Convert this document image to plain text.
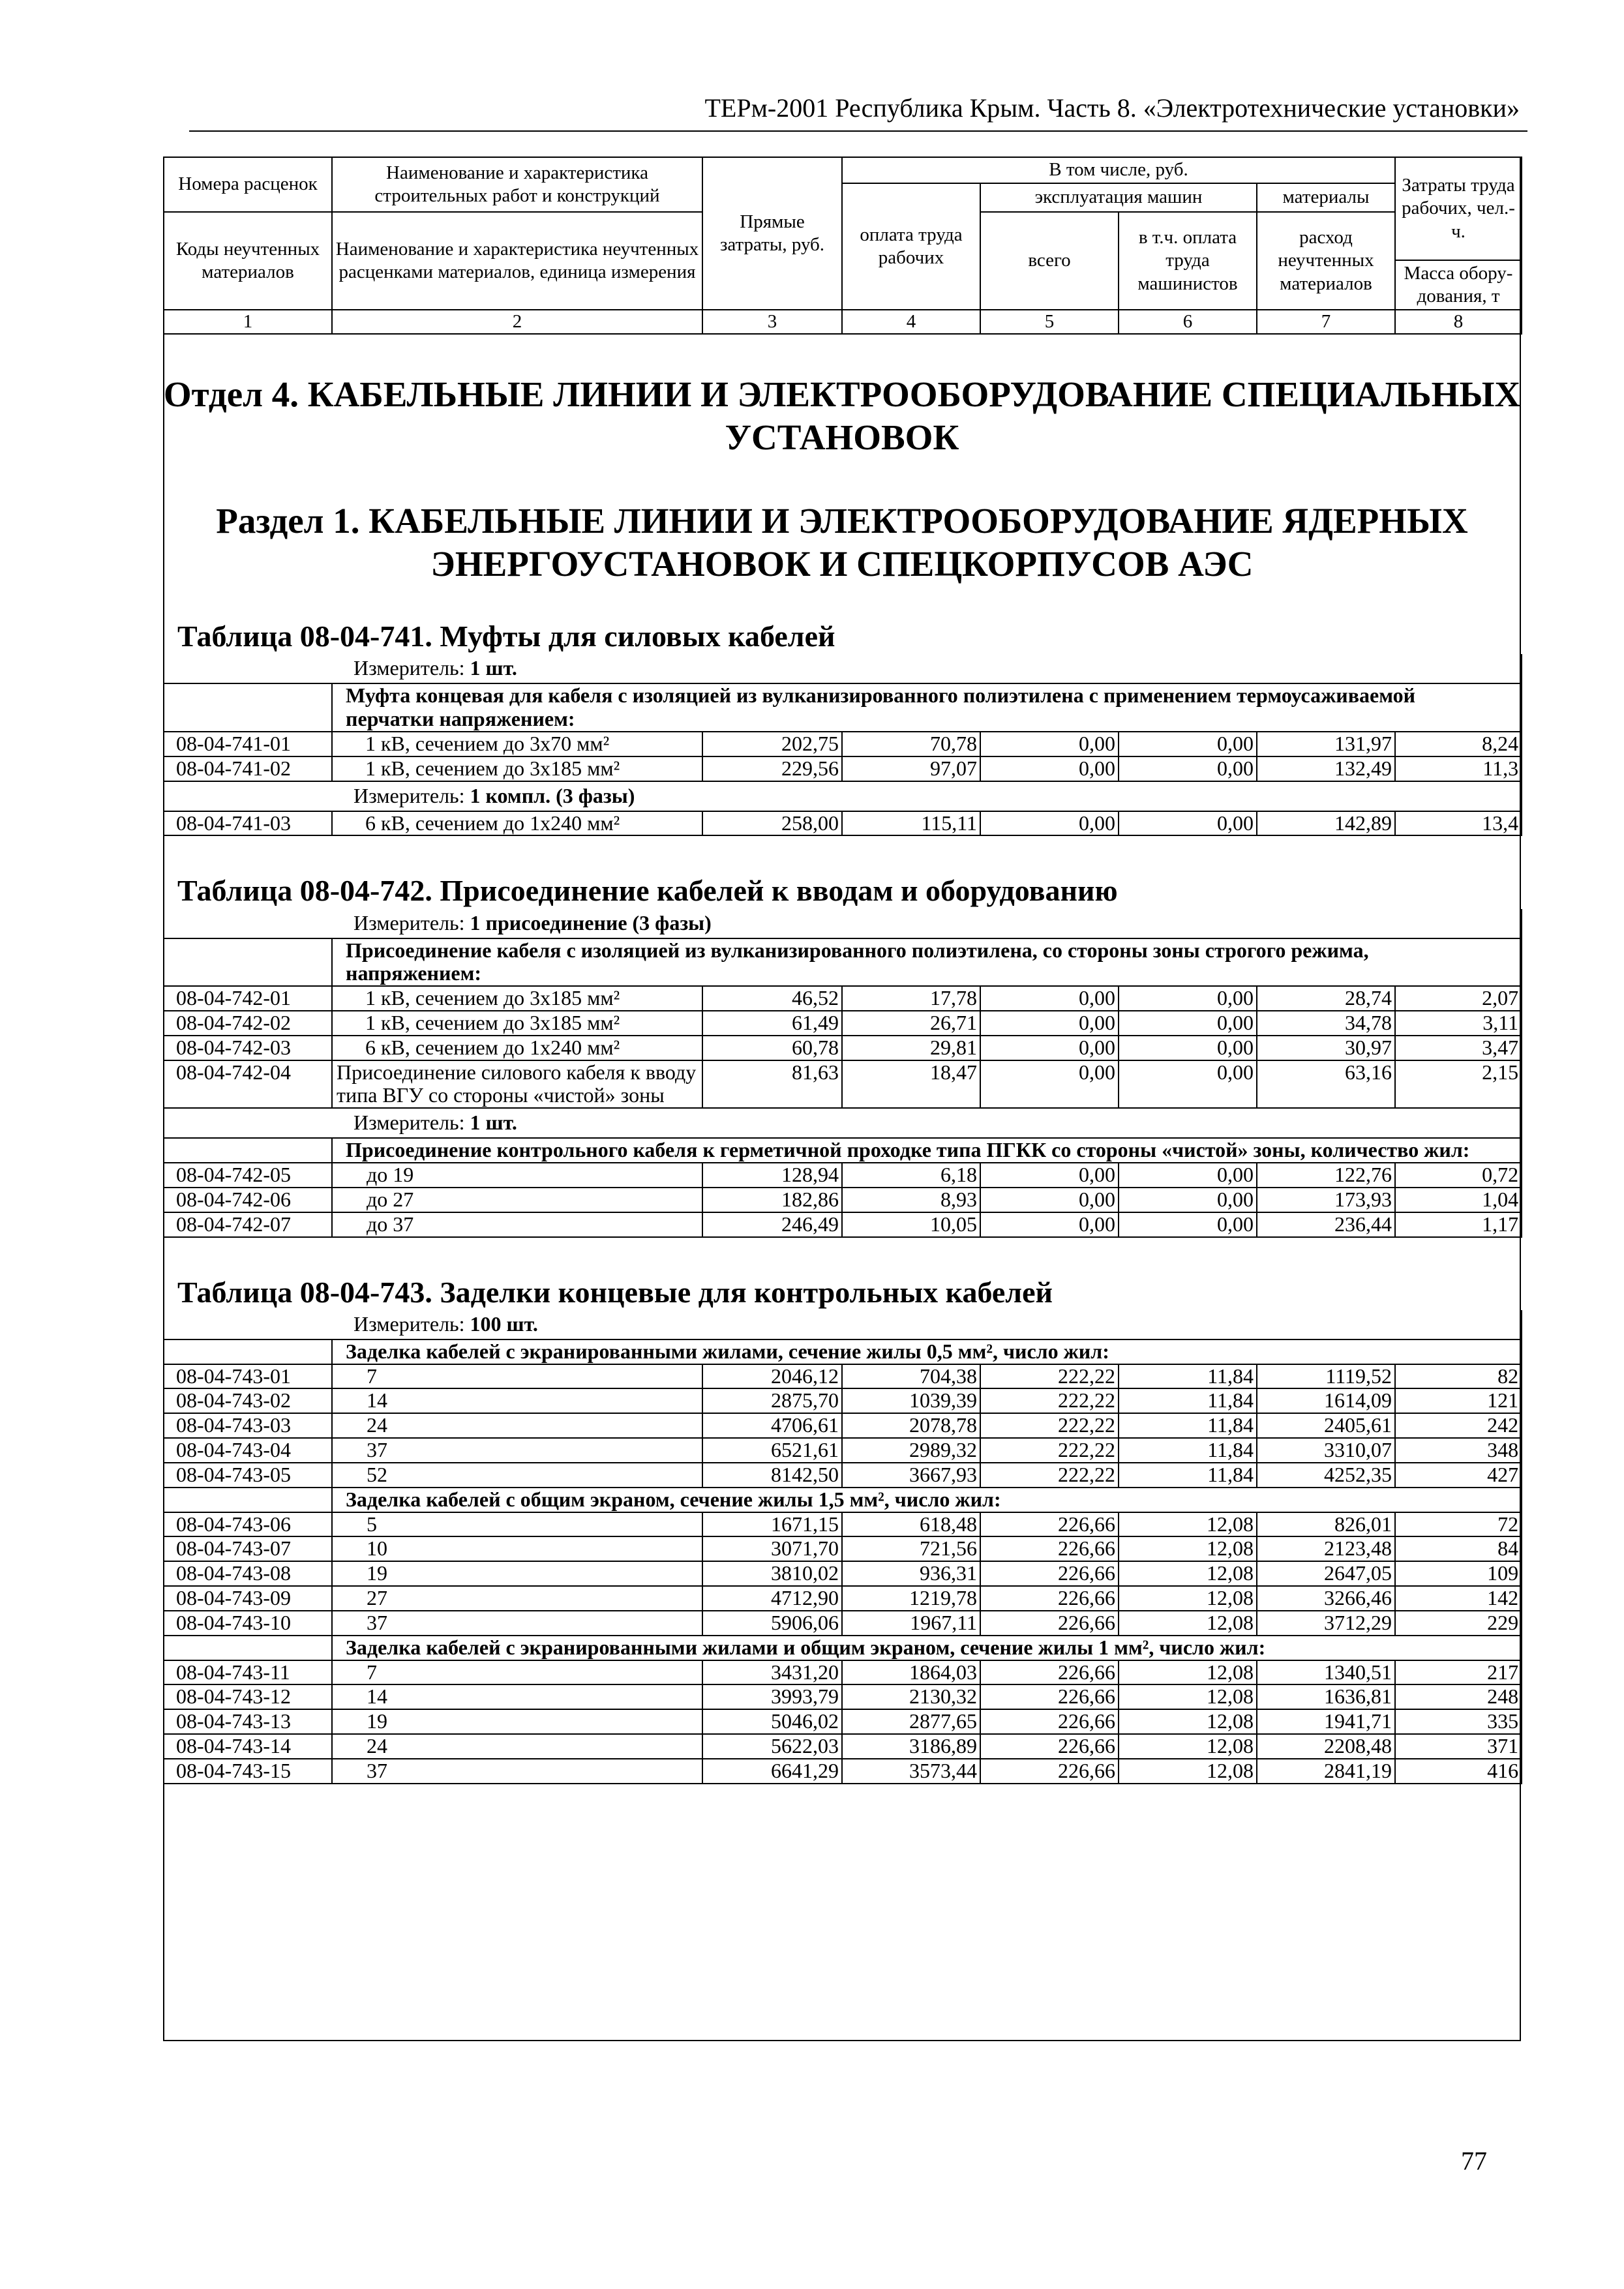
ТЕРм-2001 Республика Крым. Часть 8. «Электротехнические установки»
Номера расценок	Наименование и характеристика строительных работ и конструкций	Прямые затраты, руб.	В том числе, руб.				Затраты труда рабочих, чел.-ч.
			оплата труда рабочих	эксплуатация машин		материалы	
Коды неучтенных материалов	Наименование и характеристика неучтенных расценками материалов, единица измерения			всего	в т.ч. оплата труда машинистов	расход неучтенных материалов	
							Масса обору-дования, т
1	2	3	4	5	6	7	8
Отдел 4. КАБЕЛЬНЫЕ ЛИНИИ И ЭЛЕКТРООБОРУДОВАНИЕ СПЕЦИАЛЬНЫХ УСТАНОВОК
Раздел 1. КАБЕЛЬНЫЕ ЛИНИИ И ЭЛЕКТРООБОРУДОВАНИЕ ЯДЕРНЫХ ЭНЕРГОУСТАНОВОК И СПЕЦКОРПУСОВ АЭС
Таблица 08-04-741. Муфты для силовых кабелей
Измеритель: 1 шт.							
	Муфта концевая для кабеля с изоляцией из вулканизированного полиэтилена с применением термоусаживаемой перчатки напряжением:						
08-04-741-01	1 кВ, сечением до 3х70 мм²	202,75	70,78	0,00	0,00	131,97	8,24
08-04-741-02	1 кВ, сечением до 3х185 мм²	229,56	97,07	0,00	0,00	132,49	11,3
Измеритель: 1 компл. (3 фазы)							
08-04-741-03	6 кВ, сечением до 1х240 мм²	258,00	115,11	0,00	0,00	142,89	13,4
Таблица 08-04-742. Присоединение кабелей к вводам и оборудованию
Измеритель: 1 присоединение (3 фазы)							
	Присоединение кабеля с изоляцией из вулканизированного полиэтилена, со стороны зоны строгого режима, напряжением:						
08-04-742-01	1 кВ, сечением до 3х185 мм²	46,52	17,78	0,00	0,00	28,74	2,07
08-04-742-02	1 кВ, сечением до 3х185 мм²	61,49	26,71	0,00	0,00	34,78	3,11
08-04-742-03	6 кВ, сечением до 1х240 мм²	60,78	29,81	0,00	0,00	30,97	3,47
08-04-742-04	Присоединение силового кабеля к вводу типа ВГУ со стороны «чистой» зоны	81,63	18,47	0,00	0,00	63,16	2,15
Измеритель: 1 шт.							
	Присоединение контрольного кабеля к герметичной проходке типа ПГКК со стороны «чистой» зоны, количество жил:						
08-04-742-05	до 19	128,94	6,18	0,00	0,00	122,76	0,72
08-04-742-06	до 27	182,86	8,93	0,00	0,00	173,93	1,04
08-04-742-07	до 37	246,49	10,05	0,00	0,00	236,44	1,17
Таблица 08-04-743. Заделки концевые для контрольных кабелей
Измеритель: 100 шт.							
	Заделка кабелей с экранированными жилами, сечение жилы 0,5 мм², число жил:						
08-04-743-01	7	2046,12	704,38	222,22	11,84	1119,52	82
08-04-743-02	14	2875,70	1039,39	222,22	11,84	1614,09	121
08-04-743-03	24	4706,61	2078,78	222,22	11,84	2405,61	242
08-04-743-04	37	6521,61	2989,32	222,22	11,84	3310,07	348
08-04-743-05	52	8142,50	3667,93	222,22	11,84	4252,35	427
	Заделка кабелей с общим экраном, сечение жилы 1,5 мм², число жил:						
08-04-743-06	5	1671,15	618,48	226,66	12,08	826,01	72
08-04-743-07	10	3071,70	721,56	226,66	12,08	2123,48	84
08-04-743-08	19	3810,02	936,31	226,66	12,08	2647,05	109
08-04-743-09	27	4712,90	1219,78	226,66	12,08	3266,46	142
08-04-743-10	37	5906,06	1967,11	226,66	12,08	3712,29	229
	Заделка кабелей с экранированными жилами и общим экраном, сечение жилы 1 мм², число жил:						
08-04-743-11	7	3431,20	1864,03	226,66	12,08	1340,51	217
08-04-743-12	14	3993,79	2130,32	226,66	12,08	1636,81	248
08-04-743-13	19	5046,02	2877,65	226,66	12,08	1941,71	335
08-04-743-14	24	5622,03	3186,89	226,66	12,08	2208,48	371
08-04-743-15	37	6641,29	3573,44	226,66	12,08	2841,19	416
77
